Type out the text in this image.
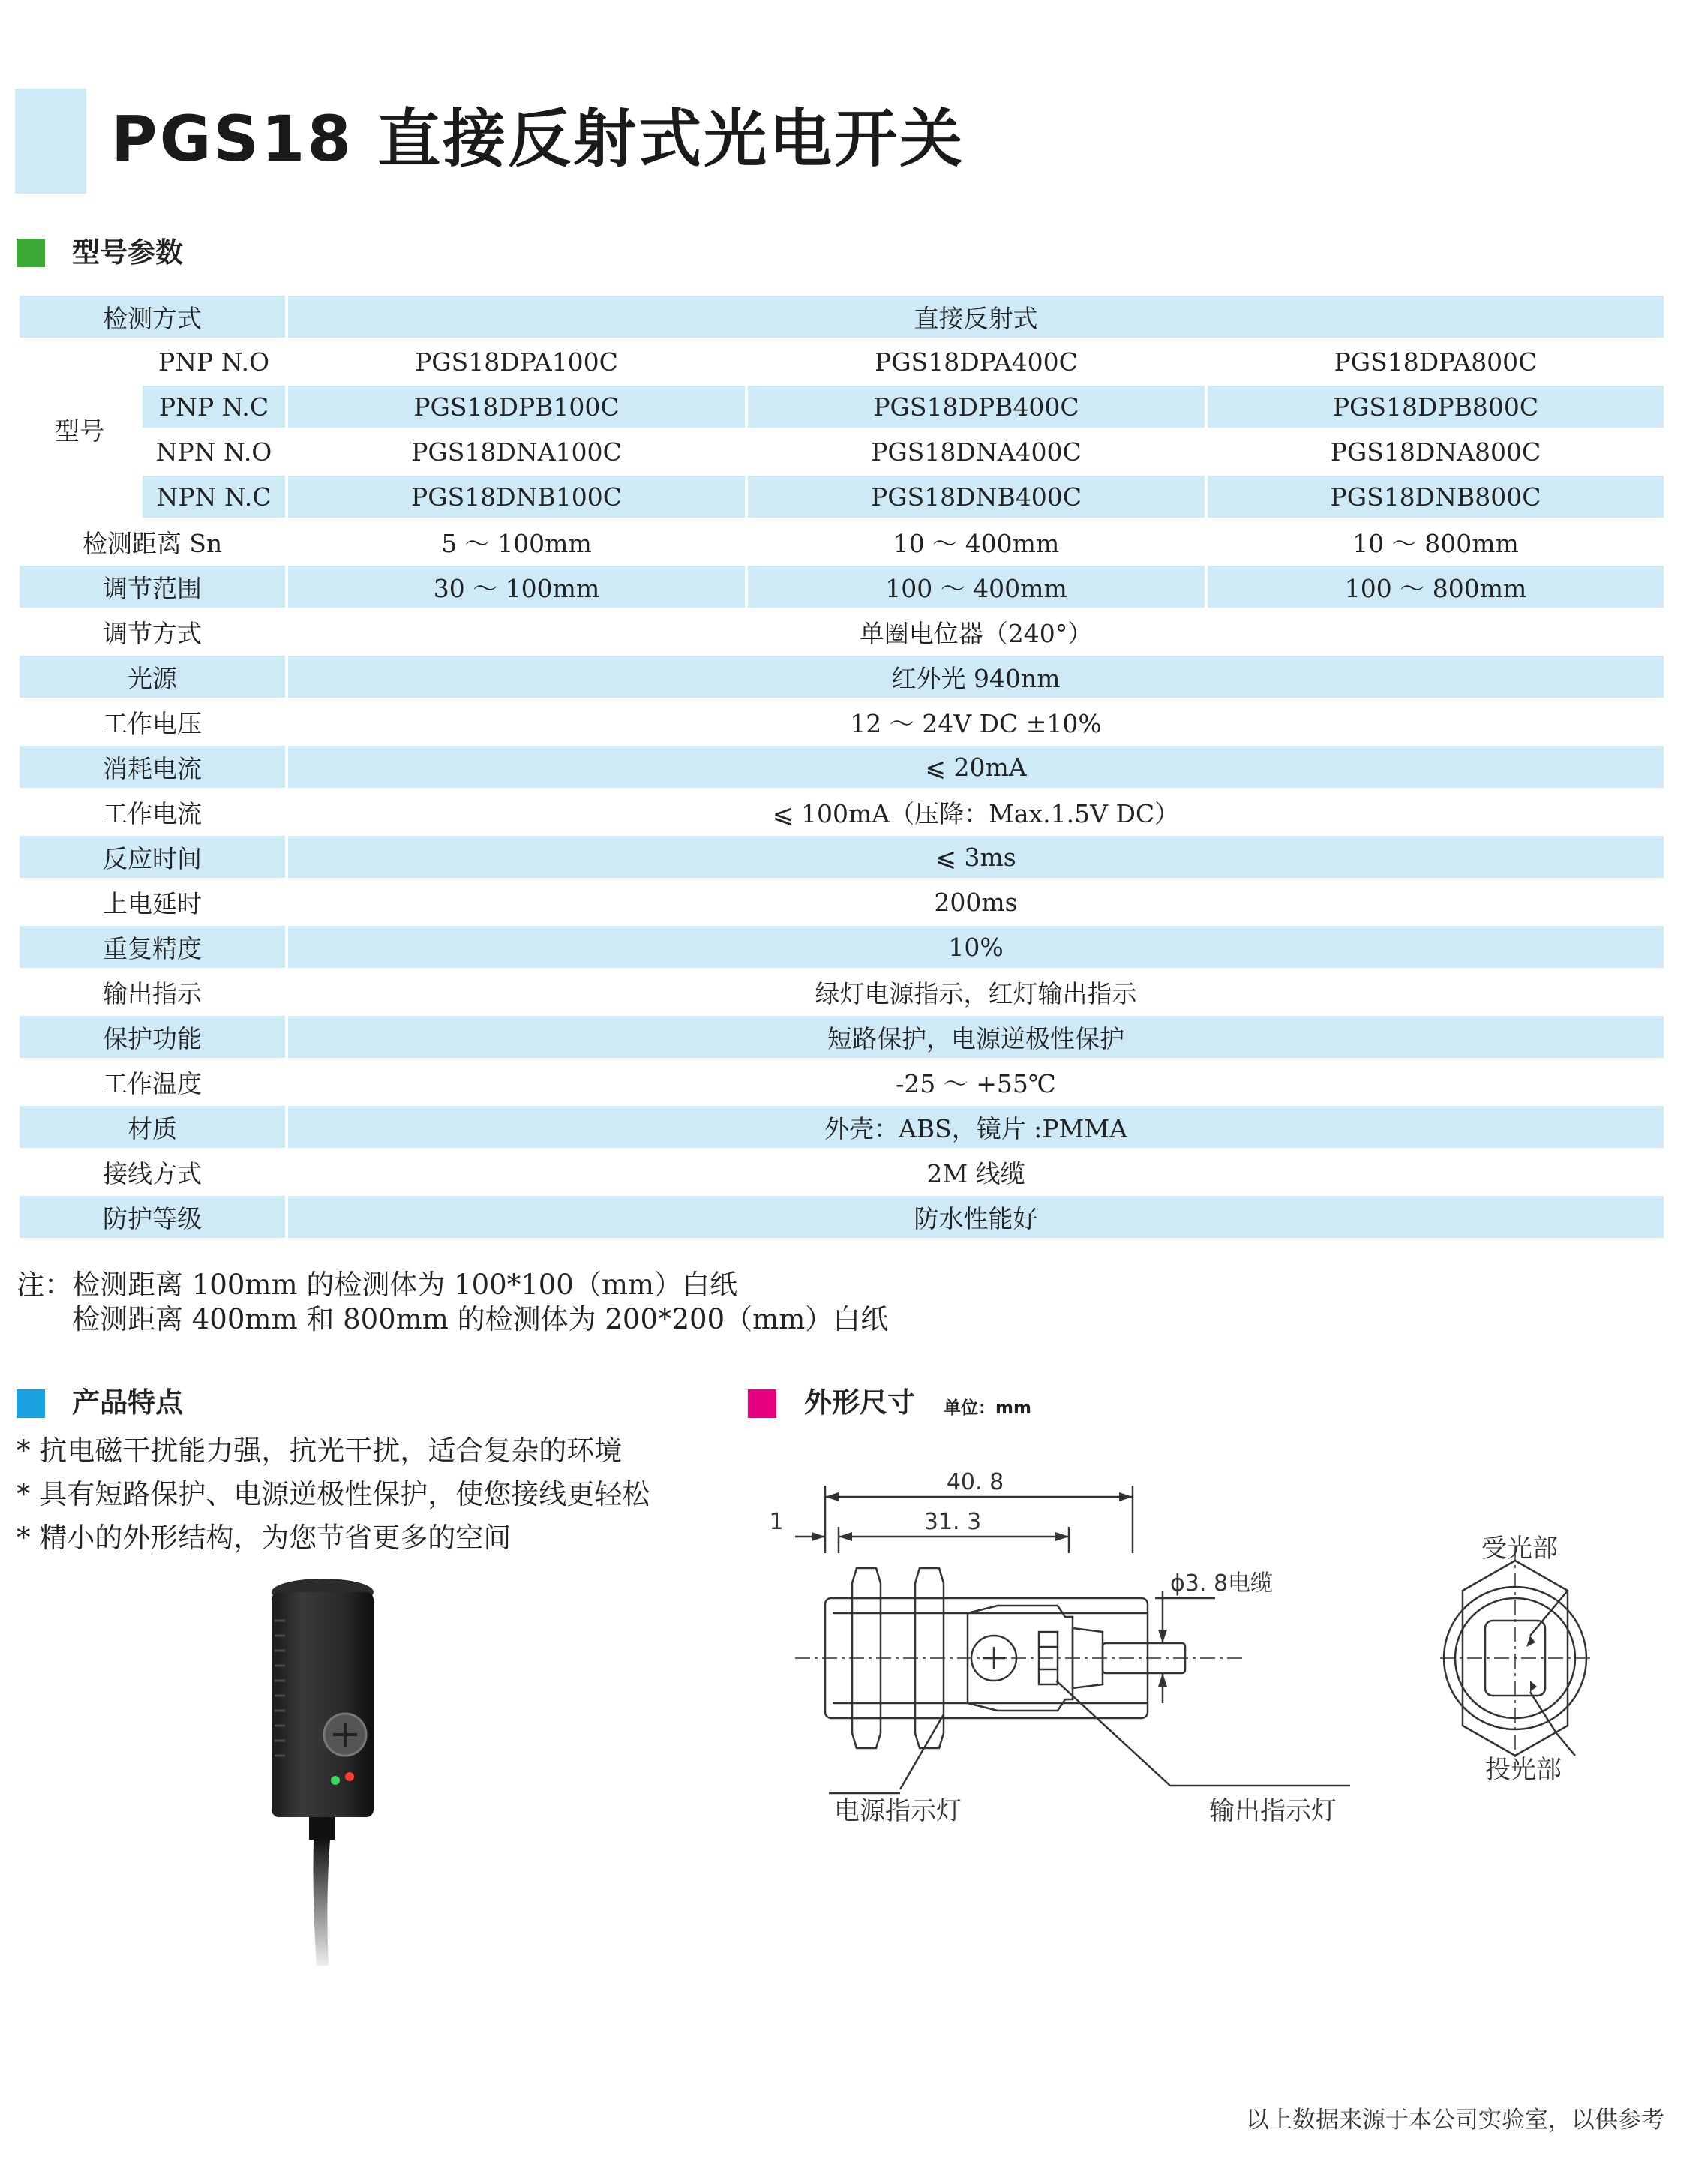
PGS18 直接反射式光电开关
型号参数
检测方式		直接反射式		
型号	PNP N.O	PGS18DPA100C	PGS18DPA400C	PGS18DPA800C
	PNP N.C	PGS18DPB100C	PGS18DPB400C	PGS18DPB800C
	NPN N.O	PGS18DNA100C	PGS18DNA400C	PGS18DNA800C
	NPN N.C	PGS18DNB100C	PGS18DNB400C	PGS18DNB800C
检测距离 Sn		5 ～ 100mm	10 ～ 400mm	10 ～ 800mm
调节范围		30 ～ 100mm	100 ～ 400mm	100 ～ 800mm
调节方式		单圈电位器（240°）		
光源		红外光 940nm		
工作电压		12 ～ 24V DC ±10%		
消耗电流		⩽ 20mA		
工作电流		⩽ 100mA（压降：Max.1.5V DC）		
反应时间		⩽ 3ms		
上电延时		200ms		
重复精度		10%		
输出指示		绿灯电源指示，红灯输出指示		
保护功能		短路保护，电源逆极性保护		
工作温度		-25 ～ +55℃		
材质		外壳：ABS，镜片 :PMMA		
接线方式		2M 线缆		
防护等级		防水性能好		
注：检测距离 100mm 的检测体为 100*100（mm）白纸
检测距离 400mm 和 800mm 的检测体为 200*200（mm）白纸
产品特点
* 抗电磁干扰能力强，抗光干扰，适合复杂的环境
* 具有短路保护、电源逆极性保护，使您接线更轻松
* 精小的外形结构，为您节省更多的空间
外形尺寸 单位：mm
40. 8
31. 3
1
ϕ3. 8电缆
受光部
投光部
电源指示灯	输出指示灯
以上数据来源于本公司实验室，以供参考
